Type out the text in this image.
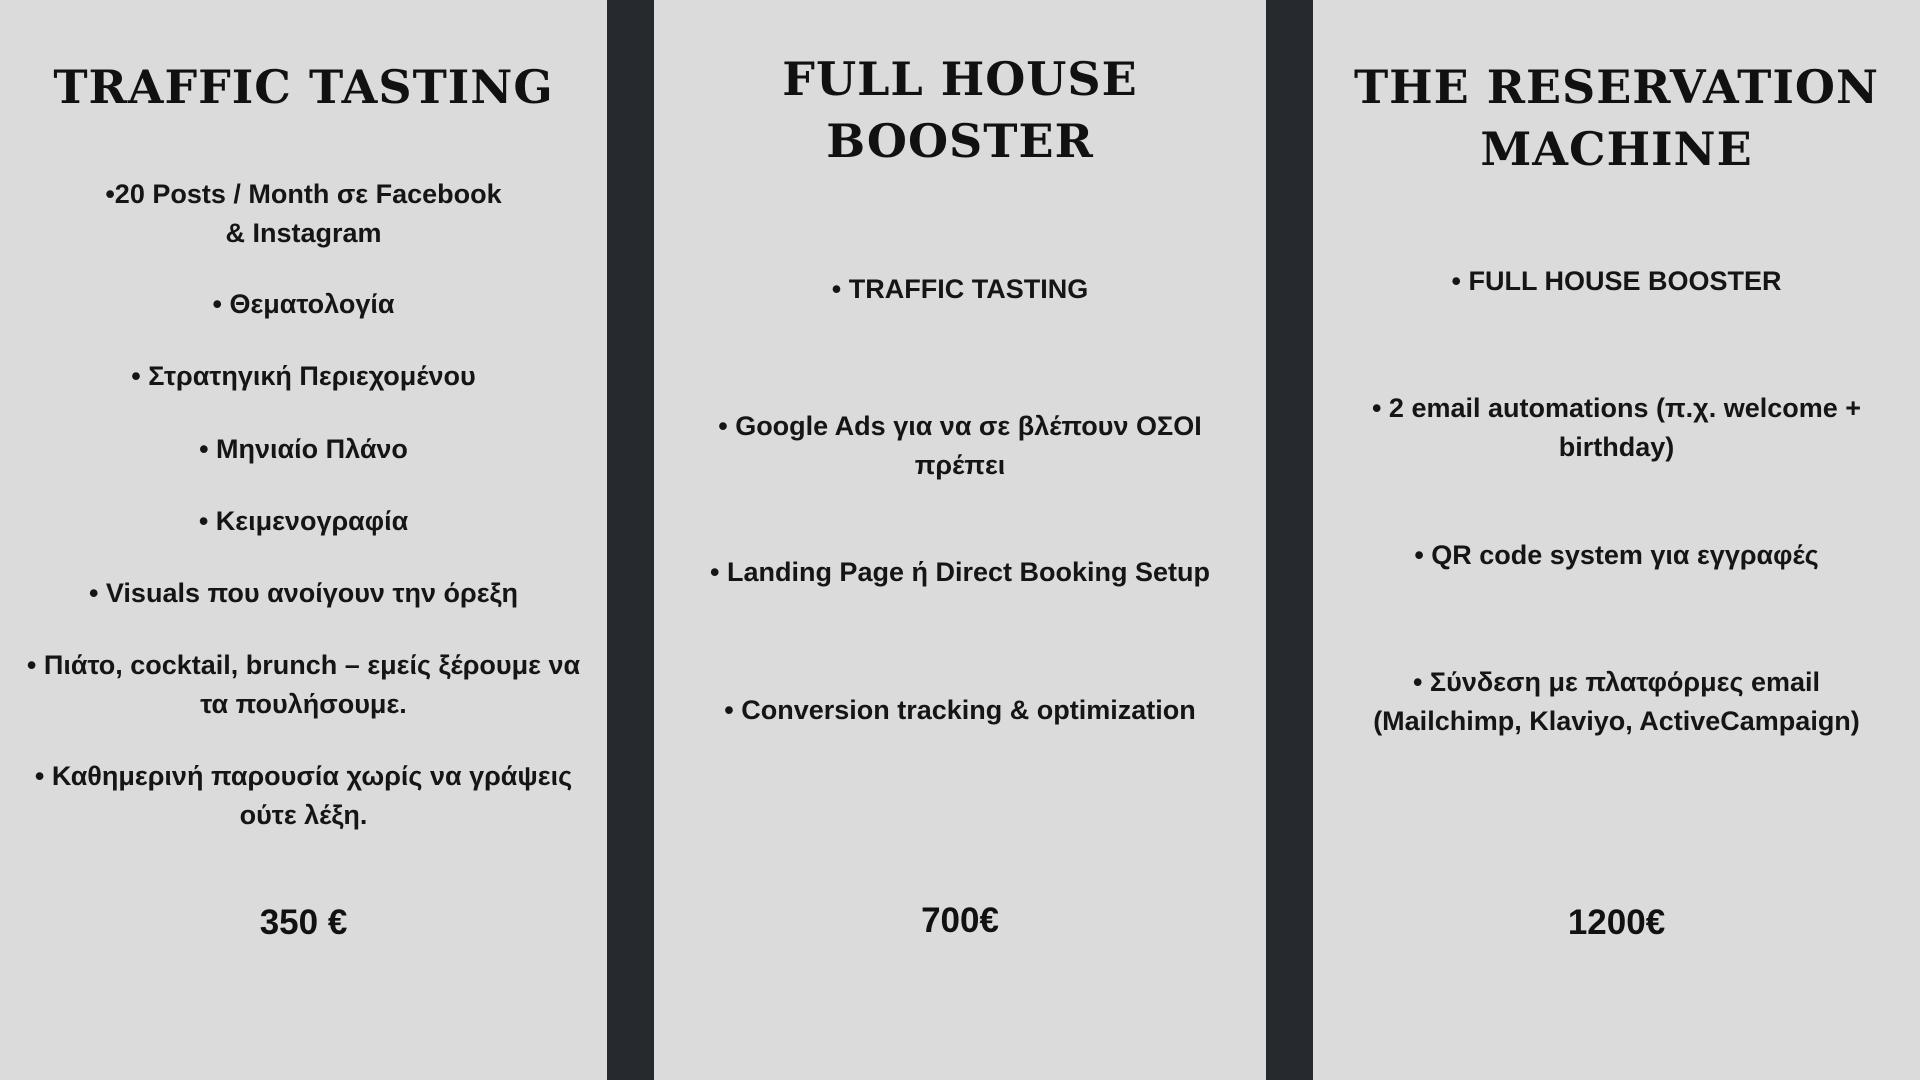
TRAFFIC TASTING

•20 Posts / Month σε Facebook
& Instagram

• Θεματολογία

• Στρατηγική Περιεχομένου

• Μηνιαίο Πλάνο

• Κειμενογραφία

• Visuals που ανοίγουν την όρεξη

• Πιάτο, cocktail, brunch – εμείς ξέρουμε να
τα πουλήσουμε.

• Καθημερινή παρουσία χωρίς να γράψεις
ούτε λέξη.

350 €

FULL HOUSE
BOOSTER

• TRAFFIC TASTING

• Google Ads για να σε βλέπουν ΟΣΟΙ
πρέπει

• Landing Page ή Direct Booking Setup

• Conversion tracking & optimization

700€

THE RESERVATION
MACHINE

• FULL HOUSE BOOSTER

• 2 email automations (π.χ. welcome +
birthday)

• QR code system για εγγραφές

• Σύνδεση με πλατφόρμες email
(Mailchimp, Klaviyo, ActiveCampaign)

1200€
